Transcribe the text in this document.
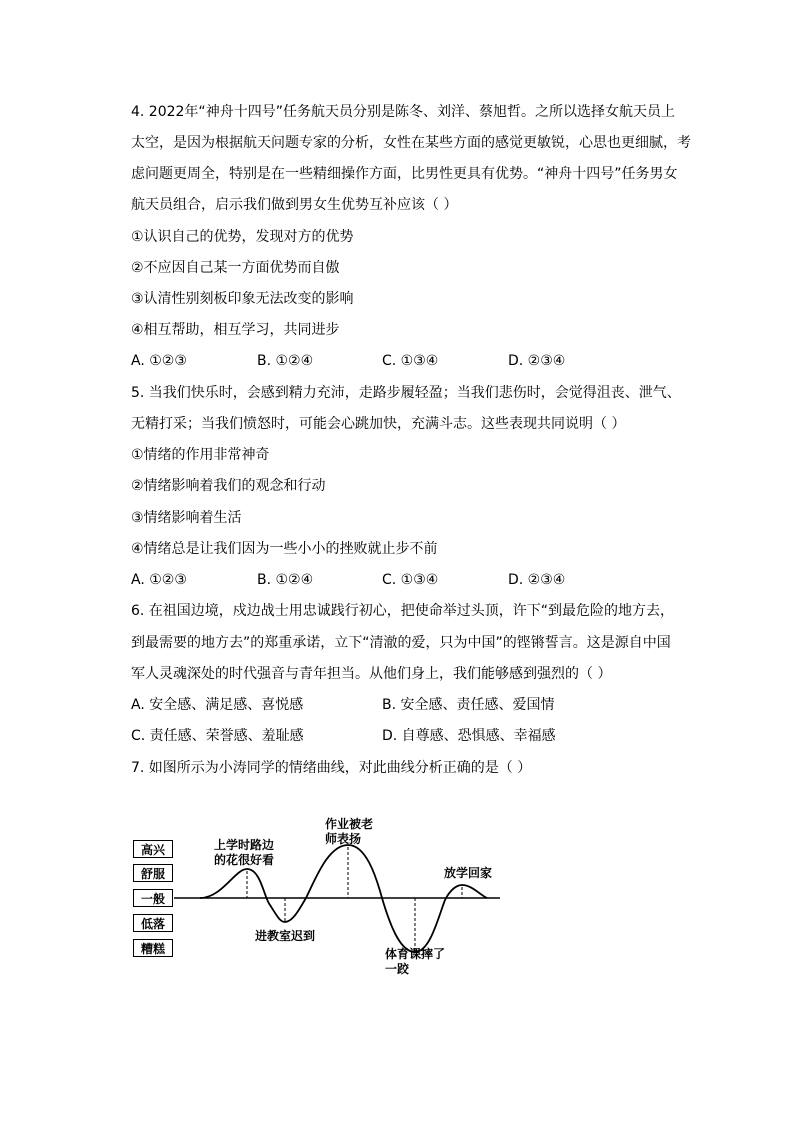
4. 2022年“神舟十四号”任务航天员分别是陈冬、刘洋、蔡旭哲。之所以选择女航天员上
太空，是因为根据航天问题专家的分析，女性在某些方面的感觉更敏锐，心思也更细腻，考
虑问题更周全，特别是在一些精细操作方面，比男性更具有优势。“神舟十四号”任务男女
航天员组合，启示我们做到男女生优势互补应该（ ）
①认识自己的优势，发现对方的优势
②不应因自己某一方面优势而自傲
③认清性别刻板印象无法改变的影响
④相互帮助，相互学习，共同进步
A. ①②③	B. ①②④	C. ①③④	D. ②③④
5. 当我们快乐时，会感到精力充沛，走路步履轻盈；当我们悲伤时，会觉得沮丧、泄气、
无精打采；当我们愤怒时，可能会心跳加快，充满斗志。这些表现共同说明（ ）
①情绪的作用非常神奇
②情绪影响着我们的观念和行动
③情绪影响着生活
④情绪总是让我们因为一些小小的挫败就止步不前
A. ①②③	B. ①②④	C. ①③④	D. ②③④
6. 在祖国边境，戍边战士用忠诚践行初心，把使命举过头顶，许下“到最危险的地方去，
到最需要的地方去”的郑重承诺，立下“清澈的爱，只为中国”的铿锵誓言。这是源自中国
军人灵魂深处的时代强音与青年担当。从他们身上，我们能够感到强烈的（ ）
A. 安全感、满足感、喜悦感	B. 安全感、责任感、爱国情
C. 责任感、荣誉感、羞耻感	D. 自尊感、恐惧感、幸福感
7. 如图所示为小涛同学的情绪曲线，对此曲线分析正确的是（ ）
高兴
舒服
一般
低落
糟糕
上学时路边
的花很好看
进教室迟到
作业被老
师表扬
体育课摔了
一跤
放学回家
